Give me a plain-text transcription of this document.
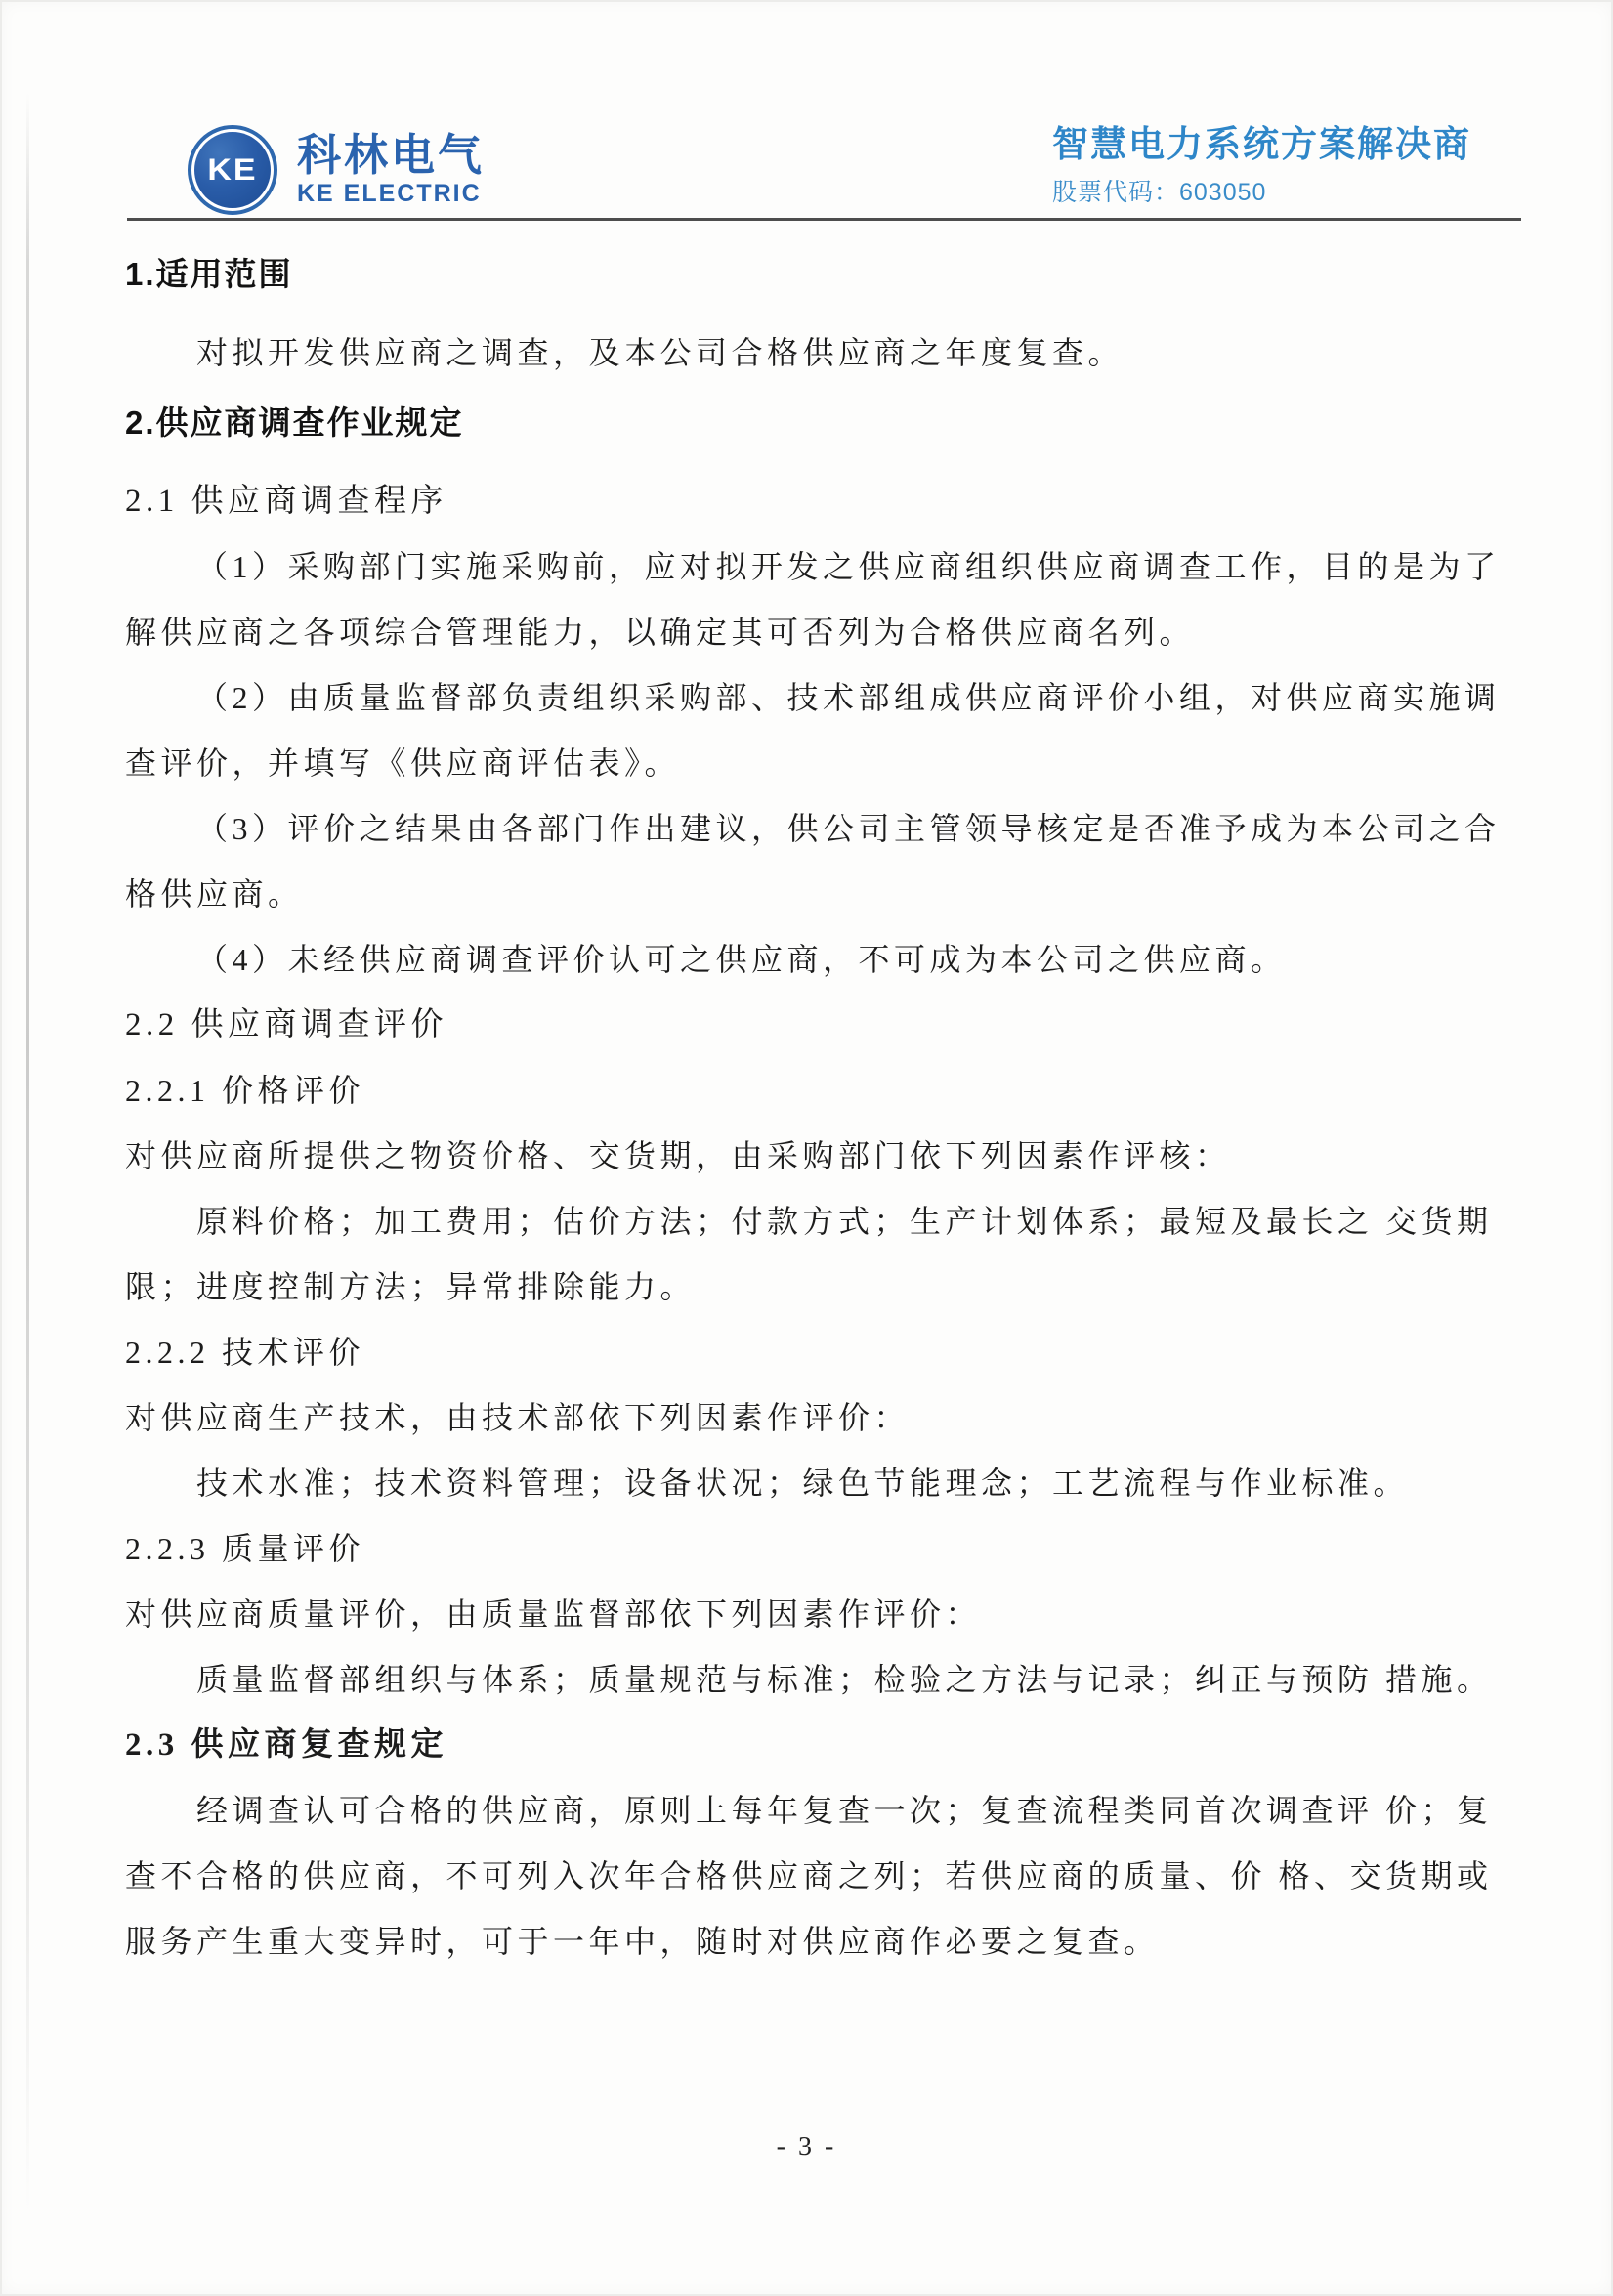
KE 科林电气
KE ELECTRIC
智慧电力系统方案解决商
股票代码：603050
1.适用范围
对拟开发供应商之调查，及本公司合格供应商之年度复查。
2.供应商调查作业规定
2.1 供应商调查程序
（1）采购部门实施采购前，应对拟开发之供应商组织供应商调查工作，目的是为了
解供应商之各项综合管理能力，以确定其可否列为合格供应商名列。
（2）由质量监督部负责组织采购部、技术部组成供应商评价小组，对供应商实施调
查评价，并填写《供应商评估表》。
（3）评价之结果由各部门作出建议，供公司主管领导核定是否准予成为本公司之合
格供应商。
（4）未经供应商调查评价认可之供应商，不可成为本公司之供应商。
2.2 供应商调查评价
2.2.1 价格评价
对供应商所提供之物资价格、交货期，由采购部门依下列因素作评核：
原料价格；加工费用；估价方法；付款方式；生产计划体系；最短及最长之 交货期
限；进度控制方法；异常排除能力。
2.2.2 技术评价
对供应商生产技术，由技术部依下列因素作评价：
技术水准；技术资料管理；设备状况；绿色节能理念；工艺流程与作业标准。
2.2.3 质量评价
对供应商质量评价，由质量监督部依下列因素作评价：
质量监督部组织与体系；质量规范与标准；检验之方法与记录；纠正与预防 措施。
2.3 供应商复查规定
经调查认可合格的供应商，原则上每年复查一次；复查流程类同首次调查评 价；复
查不合格的供应商，不可列入次年合格供应商之列；若供应商的质量、价 格、交货期或
服务产生重大变异时，可于一年中，随时对供应商作必要之复查。
- 3 -
